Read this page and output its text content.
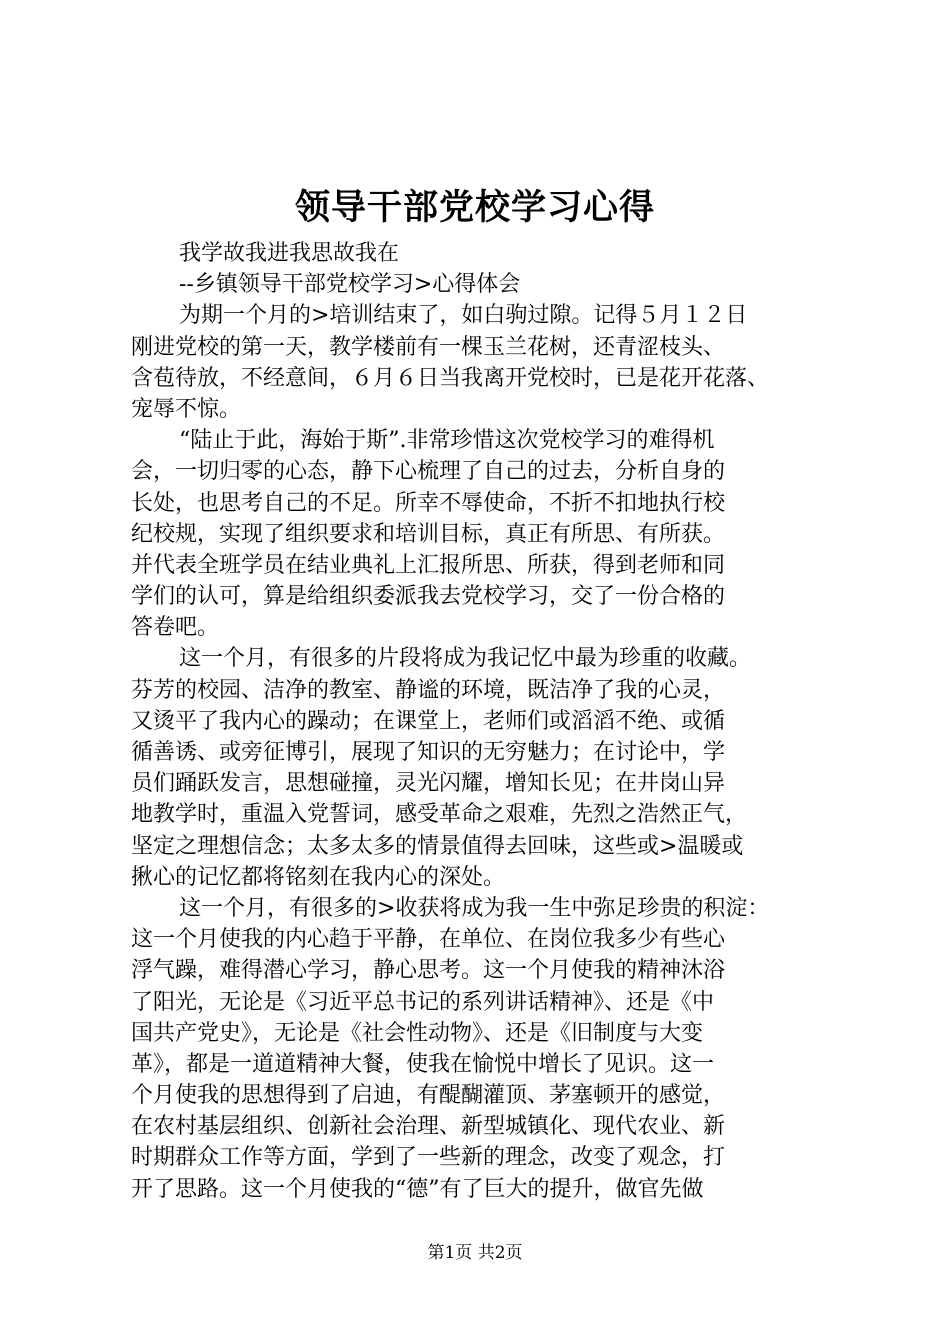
领导干部党校学习心得
我学故我进我思故我在
--乡镇领导干部党校学习>心得体会
为期一个月的>培训结束了，如白驹过隙。记得５月１２日
刚进党校的第一天，教学楼前有一棵玉兰花树，还青涩枝头、
含苞待放，不经意间，６月６日当我离开党校时，已是花开花落、
宠辱不惊。
“陆止于此，海始于斯”.非常珍惜这次党校学习的难得机
会，一切归零的心态，静下心梳理了自己的过去，分析自身的
长处，也思考自己的不足。所幸不辱使命，不折不扣地执行校
纪校规，实现了组织要求和培训目标，真正有所思、有所获。
并代表全班学员在结业典礼上汇报所思、所获，得到老师和同
学们的认可，算是给组织委派我去党校学习，交了一份合格的
答卷吧。
这一个月，有很多的片段将成为我记忆中最为珍重的收藏。
芬芳的校园、洁净的教室、静谧的环境，既洁净了我的心灵，
又烫平了我内心的躁动；在课堂上，老师们或滔滔不绝、或循
循善诱、或旁征博引，展现了知识的无穷魅力；在讨论中，学
员们踊跃发言，思想碰撞，灵光闪耀，增知长见；在井岗山异
地教学时，重温入党誓词，感受革命之艰难，先烈之浩然正气，
坚定之理想信念；太多太多的情景值得去回味，这些或>温暖或
揪心的记忆都将铭刻在我内心的深处。
这一个月，有很多的>收获将成为我一生中弥足珍贵的积淀：
这一个月使我的内心趋于平静，在单位、在岗位我多少有些心
浮气躁，难得潜心学习，静心思考。这一个月使我的精神沐浴
了阳光，无论是《习近平总书记的系列讲话精神》、还是《中
国共产党史》，无论是《社会性动物》、还是《旧制度与大变
革》，都是一道道精神大餐，使我在愉悦中增长了见识。这一
个月使我的思想得到了启迪，有醍醐灌顶、茅塞顿开的感觉，
在农村基层组织、创新社会治理、新型城镇化、现代农业、新
时期群众工作等方面，学到了一些新的理念，改变了观念，打
开了思路。这一个月使我的“德”有了巨大的提升，做官先做
第1页 共2页
